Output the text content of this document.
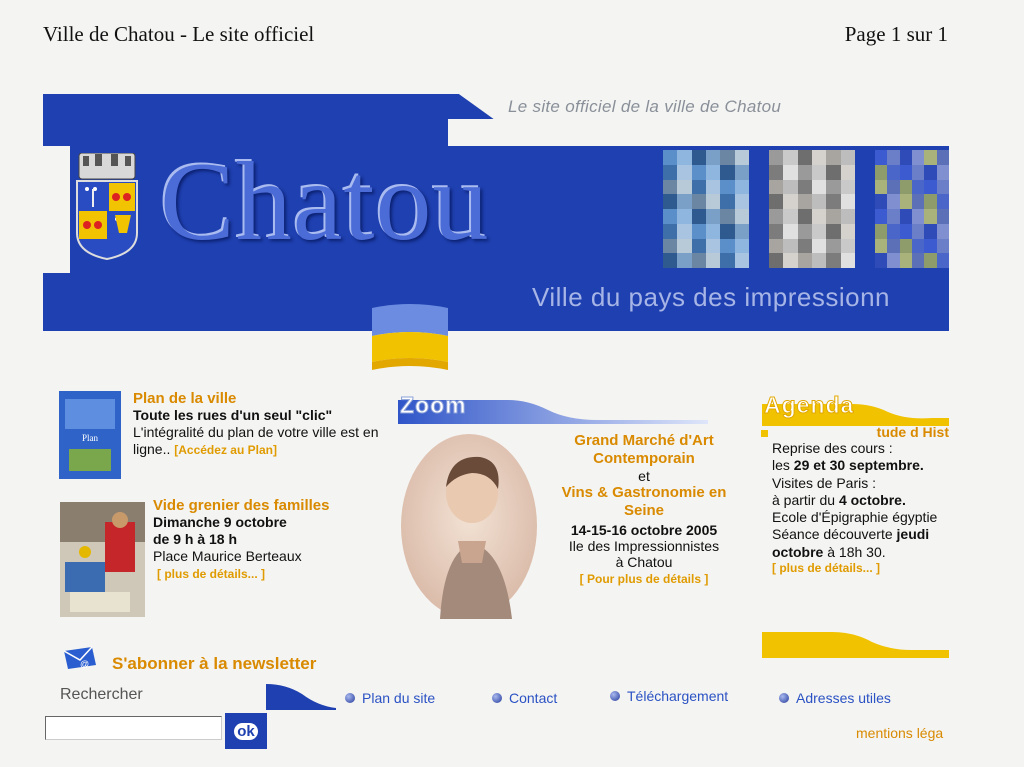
Ville de Chatou - Le site officiel	Page 1 sur 1
Le site officiel de la ville de Chatou
Chatou
Ville du pays des impressionn
Plan
Plan de la ville
Toute les rues d'un seul "clic"
L'intégralité du plan de votre ville est en ligne.. [Accédez au Plan]
Vide grenier des familles
Dimanche 9 octobre
de 9 h à 18 h
Place Maurice Berteaux
[ plus de détails... ]
Zoom
Grand Marché d'Art Contemporain
et
Vins & Gastronomie en Seine
14-15-16 octobre 2005
Ile des Impressionnistes
à Chatou
[ Pour plus de détails ]
Agenda
tude d Hist
Reprise des cours :
les 29 et 30 septembre.
Visites de Paris :
à partir du 4 octobre.
Ecole d'Épigraphie égyptie
Séance découverte jeudi
octobre à 18h 30.
[ plus de détails... ]
@ S'abonner à la newsletter
Rechercher
ok
Plan du site	Contact	Téléchargement	Adresses utiles
mentions léga
